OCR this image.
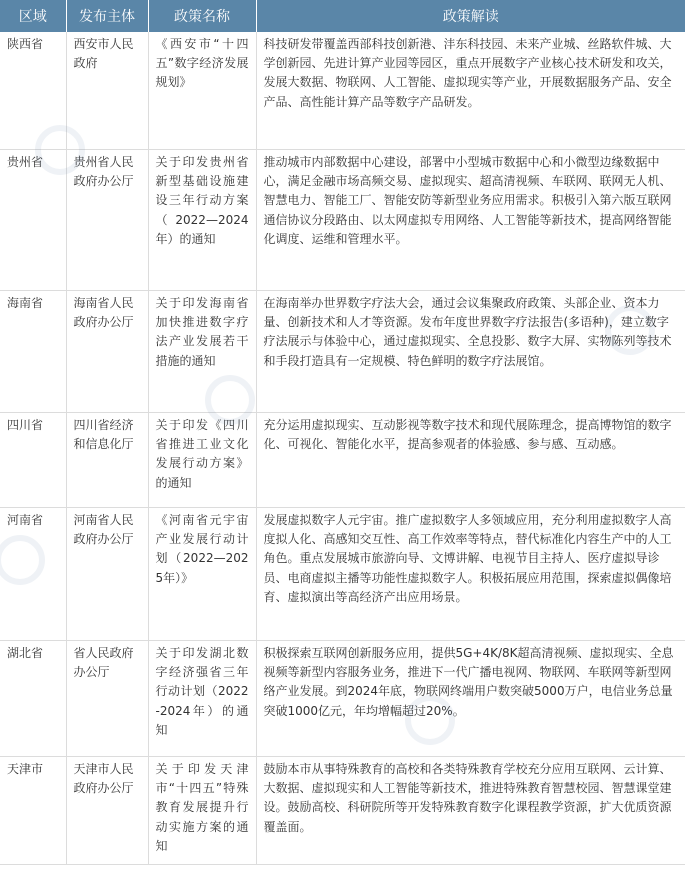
区域	发布主体	政策名称	政策解读
陕西省	西安市人民政府	《西安市“十四五”数字经济发展规划》	科技研发带覆盖西部科技创新港、沣东科技园、未来产业城、丝路软件城、大学创新园、先进计算产业园等园区，重点开展数字产业核心技术研发和攻关，发展大数据、物联网、人工智能、虚拟现实等产业，开展数据服务产品、安全产品、高性能计算产品等数字产品研发。
贵州省	贵州省人民政府办公厅	关于印发贵州省新型基础设施建设三年行动方案（2022—2024年）的通知	推动城市内部数据中心建设，部署中小型城市数据中心和小微型边缘数据中心，满足金融市场高频交易、虚拟现实、超高清视频、车联网、联网无人机、智慧电力、智能工厂、智能安防等新型业务应用需求。积极引入第六版互联网通信协议分段路由、以太网虚拟专用网络、人工智能等新技术，提高网络智能化调度、运维和管理水平。
海南省	海南省人民政府办公厅	关于印发海南省加快推进数字疗法产业发展若干措施的通知	在海南举办世界数字疗法大会，通过会议集聚政府政策、头部企业、资本力量、创新技术和人才等资源。发布年度世界数字疗法报告(多语种)，建立数字疗法展示与体验中心，通过虚拟现实、全息投影、数字大屏、实物陈列等技术和手段打造具有一定规模、特色鲜明的数字疗法展馆。
四川省	四川省经济和信息化厅	关于印发《四川省推进工业文化发展行动方案》的通知	充分运用虚拟现实、互动影视等数字技术和现代展陈理念，提高博物馆的数字化、可视化、智能化水平，提高参观者的体验感、参与感、互动感。
河南省	河南省人民政府办公厅	《河南省元宇宙产业发展行动计划（2022—2025年）》	发展虚拟数字人元宇宙。推广虚拟数字人多领域应用，充分利用虚拟数字人高度拟人化、高感知交互性、高工作效率等特点，替代标准化内容生产中的人工角色。重点发展城市旅游向导、文博讲解、电视节目主持人、医疗虚拟导诊员、电商虚拟主播等功能性虚拟数字人。积极拓展应用范围，探索虚拟偶像培育、虚拟演出等高经济产出应用场景。
湖北省	省人民政府办公厅	关于印发湖北数字经济强省三年行动计划（2022-2024年）的通知	积极探索互联网创新服务应用，提供5G+4K/8K超高清视频、虚拟现实、全息视频等新型内容服务业务，推进下一代广播电视网、物联网、车联网等新型网络产业发展。到2024年底，物联网终端用户数突破5000万户，电信业务总量突破1000亿元，年均增幅超过20%。
天津市	天津市人民政府办公厅	关于印发天津市“十四五”特殊教育发展提升行动实施方案的通知	鼓励本市从事特殊教育的高校和各类特殊教育学校充分应用互联网、云计算、大数据、虚拟现实和人工智能等新技术，推进特殊教育智慧校园、智慧课堂建设。鼓励高校、科研院所等开发特殊教育数字化课程教学资源，扩大优质资源覆盖面。
